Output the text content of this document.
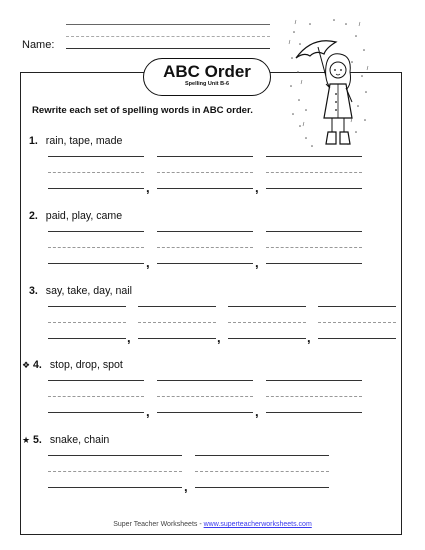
Name:
ABC Order
Spelling Unit B-6
Rewrite each set of spelling words in ABC order.
1. rain, tape, made
,	,
2. paid, play, came
,	,
3. say, take, day, nail
,	,	,
❖ 4. stop, drop, spot
,	,
★ 5. snake, chain
,
Super Teacher Worksheets - www.superteacherworksheets.com
